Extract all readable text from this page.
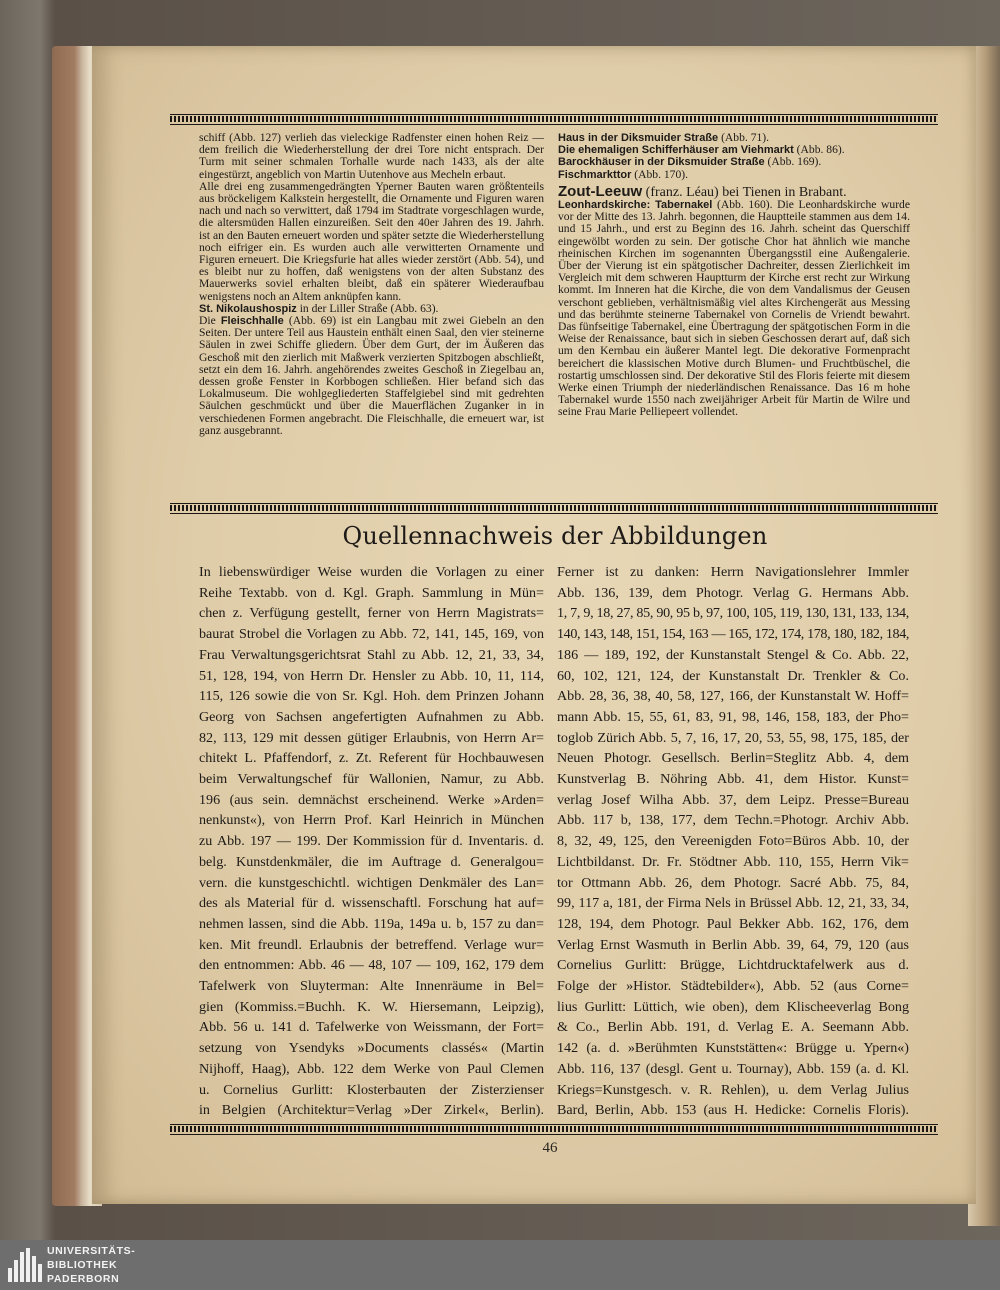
schiff (Abb. 127) verlieh das vieleckige Radfenster einen hohen Reiz — dem freilich die Wiederherstellung der drei Tore nicht entsprach. Der Turm mit seiner schmalen Torhalle wurde nach 1433, als der alte eingestürzt, angeblich von Martin Uutenhove aus Mecheln erbaut.

Alle drei eng zusammengedrängten Yperner Bauten waren größtenteils aus bröckeligem Kalkstein hergestellt, die Ornamente und Figuren waren nach und nach so verwittert, daß 1794 im Stadtrate vorgeschlagen wurde, die altersmüden Hallen einzureißen. Seit den 40er Jahren des 19. Jahrh. ist an den Bauten erneuert worden und später setzte die Wiederherstellung noch eifriger ein. Es wurden auch alle verwitterten Ornamente und Figuren erneuert. Die Kriegsfurie hat alles wieder zerstört (Abb. 54), und es bleibt nur zu hoffen, daß wenigstens von der alten Substanz des Mauerwerks soviel erhalten bleibt, daß ein späterer Wiederaufbau wenigstens noch an Altem anknüpfen kann.

St. Nikolaushospiz in der Liller Straße (Abb. 63).

Die Fleischhalle (Abb. 69) ist ein Langbau mit zwei Giebeln an den Seiten. Der untere Teil aus Haustein enthält einen Saal, den vier steinerne Säulen in zwei Schiffe gliedern. Über dem Gurt, der im Äußeren das Geschoß mit den zierlich mit Maßwerk verzierten Spitzbogen abschließt, setzt ein dem 16. Jahrh. angehörendes zweites Geschoß in Ziegelbau an, dessen große Fenster in Korbbogen schließen. Hier befand sich das Lokalmuseum. Die wohlgegliederten Staffelgiebel sind mit gedrehten Säulchen geschmückt und über die Mauerflächen Zuganker in in verschiedenen Formen angebracht. Die Fleischhalle, die erneuert war, ist ganz ausgebrannt.

Haus in der Diksmuider Straße (Abb. 71).

Die ehemaligen Schifferhäuser am Viehmarkt (Abb. 86).

Barockhäuser in der Diksmuider Straße (Abb. 169).

Fischmarkttor (Abb. 170).

Zout-Leeuw (franz. Léau) bei Tienen in Brabant.

Leonhardskirche: Tabernakel (Abb. 160). Die Leonhardskirche wurde vor der Mitte des 13. Jahrh. begonnen, die Hauptteile stammen aus dem 14. und 15 Jahrh., und erst zu Beginn des 16. Jahrh. scheint das Querschiff eingewölbt worden zu sein. Der gotische Chor hat ähnlich wie manche rheinischen Kirchen im sogenannten Übergangsstil eine Außengalerie. Über der Vierung ist ein spätgotischer Dachreiter, dessen Zierlichkeit im Vergleich mit dem schweren Hauptturm der Kirche erst recht zur Wirkung kommt. Im Inneren hat die Kirche, die von dem Vandalismus der Geusen verschont geblieben, verhältnismäßig viel altes Kirchengerät aus Messing und das berühmte steinerne Tabernakel von Cornelis de Vriendt bewahrt. Das fünfseitige Tabernakel, eine Übertragung der spätgotischen Form in die Weise der Renaissance, baut sich in sieben Geschossen derart auf, daß sich um den Kernbau ein äußerer Mantel legt. Die dekorative Formenpracht bereichert die klassischen Motive durch Blumen- und Fruchtbüschel, die rostartig umschlossen sind. Der dekorative Stil des Floris feierte mit diesem Werke einen Triumph der niederländischen Renaissance. Das 16 m hohe Tabernakel wurde 1550 nach zweijähriger Arbeit für Martin de Wilre und seine Frau Marie Pelliepeert vollendet.

Quellennachweis der Abbildungen
In liebenswürdiger Weise wurden die Vorlagen zu einer
Reihe Textabb. von d. Kgl. Graph. Sammlung in Mün=
chen z. Verfügung gestellt, ferner von Herrn Magistrats=
baurat Strobel die Vorlagen zu Abb. 72, 141, 145, 169, von
Frau Verwaltungsgerichtsrat Stahl zu Abb. 12, 21, 33, 34,
51, 128, 194, von Herrn Dr. Hensler zu Abb. 10, 11, 114,
115, 126 sowie die von Sr. Kgl. Hoh. dem Prinzen Johann
Georg von Sachsen angefertigten Aufnahmen zu Abb.
82, 113, 129 mit dessen gütiger Erlaubnis, von Herrn Ar=
chitekt L. Pfaffendorf, z. Zt. Referent für Hochbauwesen
beim Verwaltungschef für Wallonien, Namur, zu Abb.
196 (aus sein. demnächst erscheinend. Werke »Arden=
nenkunst«), von Herrn Prof. Karl Heinrich in München
zu Abb. 197 — 199. Der Kommission für d. Inventaris. d.
belg. Kunstdenkmäler, die im Auftrage d. Generalgou=
vern. die kunstgeschichtl. wichtigen Denkmäler des Lan=
des als Material für d. wissenschaftl. Forschung hat auf=
nehmen lassen, sind die Abb. 119a, 149a u. b, 157 zu dan=
ken. Mit freundl. Erlaubnis der betreffend. Verlage wur=
den entnommen: Abb. 46 — 48, 107 — 109, 162, 179 dem
Tafelwerk von Sluyterman: Alte Innenräume in Bel=
gien (Kommiss.=Buchh. K. W. Hiersemann, Leipzig),
Abb. 56 u. 141 d. Tafelwerke von Weissmann, der Fort=
setzung von Ysendyks »Documents classés« (Martin
Nijhoff, Haag), Abb. 122 dem Werke von Paul Clemen
u. Cornelius Gurlitt: Klosterbauten der Zisterzienser
in Belgien (Architektur=Verlag »Der Zirkel«, Berlin).
Ferner ist zu danken: Herrn Navigationslehrer Immler
Abb. 136, 139, dem Photogr. Verlag G. Hermans Abb.
1, 7, 9, 18, 27, 85, 90, 95 b, 97, 100, 105, 119, 130, 131, 133, 134,
140, 143, 148, 151, 154, 163 — 165, 172, 174, 178, 180, 182, 184,
186 — 189, 192, der Kunstanstalt Stengel & Co. Abb. 22,
60, 102, 121, 124, der Kunstanstalt Dr. Trenkler & Co.
Abb. 28, 36, 38, 40, 58, 127, 166, der Kunstanstalt W. Hoff=
mann Abb. 15, 55, 61, 83, 91, 98, 146, 158, 183, der Pho=
toglob Zürich Abb. 5, 7, 16, 17, 20, 53, 55, 98, 175, 185, der
Neuen Photogr. Gesellsch. Berlin=Steglitz Abb. 4, dem
Kunstverlag B. Nöhring Abb. 41, dem Histor. Kunst=
verlag Josef Wilha Abb. 37, dem Leipz. Presse=Bureau
Abb. 117 b, 138, 177, dem Techn.=Photogr. Archiv Abb.
8, 32, 49, 125, den Vereenigden Foto=Büros Abb. 10, der
Lichtbildanst. Dr. Fr. Stödtner Abb. 110, 155, Herrn Vik=
tor Ottmann Abb. 26, dem Photogr. Sacré Abb. 75, 84,
99, 117 a, 181, der Firma Nels in Brüssel Abb. 12, 21, 33, 34,
128, 194, dem Photogr. Paul Bekker Abb. 162, 176, dem
Verlag Ernst Wasmuth in Berlin Abb. 39, 64, 79, 120 (aus
Cornelius Gurlitt: Brügge, Lichtdrucktafelwerk aus d.
Folge der »Histor. Städtebilder«), Abb. 52 (aus Corne=
lius Gurlitt: Lüttich, wie oben), dem Klischeeverlag Bong
& Co., Berlin Abb. 191, d. Verlag E. A. Seemann Abb.
142 (a. d. »Berühmten Kunststätten«: Brügge u. Ypern«)
Abb. 116, 137 (desgl. Gent u. Tournay), Abb. 159 (a. d. Kl.
Kriegs=Kunstgesch. v. R. Rehlen), u. dem Verlag Julius
Bard, Berlin, Abb. 153 (aus H. Hedicke: Cornelis Floris).
46
UNIVERSITÄTS-
BIBLIOTHEK
PADERBORN
